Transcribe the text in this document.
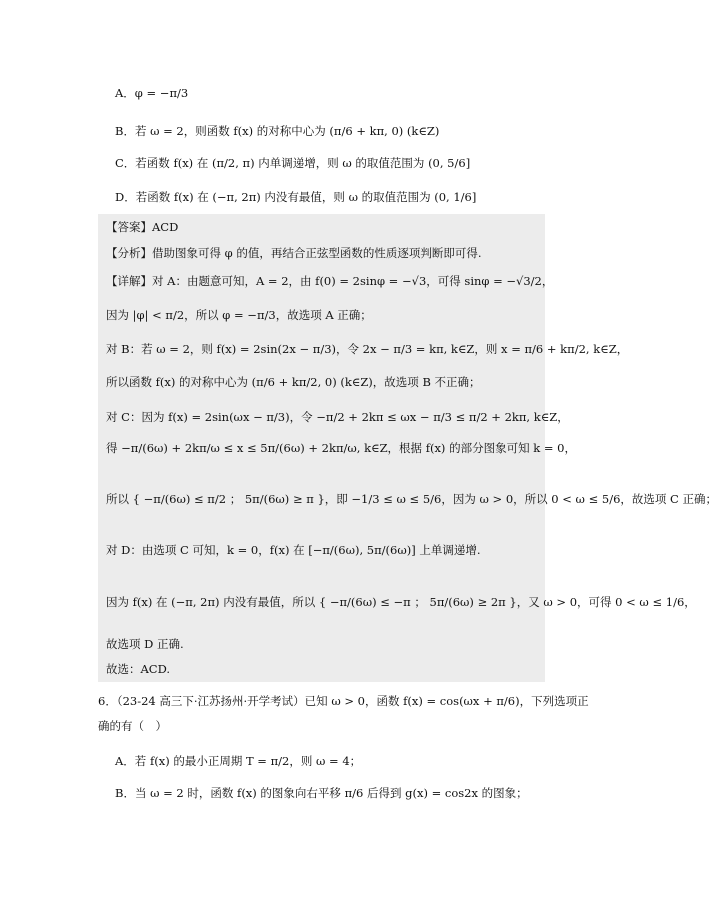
A．φ = −π/3
B．若 ω = 2，则函数 f(x) 的对称中心为 (π/6 + kπ, 0) (k∈Z)
C．若函数 f(x) 在 (π/2, π) 内单调递增，则 ω 的取值范围为 (0, 5/6]
D．若函数 f(x) 在 (−π, 2π) 内没有最值，则 ω 的取值范围为 (0, 1/6]
【答案】ACD
【分析】借助图象可得 φ 的值，再结合正弦型函数的性质逐项判断即可得.
【详解】对 A：由题意可知，A = 2，由 f(0) = 2sinφ = −√3，可得 sinφ = −√3/2，
因为 |φ| < π/2，所以 φ = −π/3，故选项 A 正确；
对 B：若 ω = 2，则 f(x) = 2sin(2x − π/3)，令 2x − π/3 = kπ, k∈Z，则 x = π/6 + kπ/2, k∈Z，
所以函数 f(x) 的对称中心为 (π/6 + kπ/2, 0) (k∈Z)，故选项 B 不正确；
对 C：因为 f(x) = 2sin(ωx − π/3)，令 −π/2 + 2kπ ≤ ωx − π/3 ≤ π/2 + 2kπ, k∈Z，
得 −π/(6ω) + 2kπ/ω ≤ x ≤ 5π/(6ω) + 2kπ/ω, k∈Z，根据 f(x) 的部分图象可知 k = 0，
所以 { −π/(6ω) ≤ π/2 ； 5π/(6ω) ≥ π }，即 −1/3 ≤ ω ≤ 5/6，因为 ω > 0，所以 0 < ω ≤ 5/6，故选项 C 正确；
对 D：由选项 C 可知，k = 0，f(x) 在 [−π/(6ω), 5π/(6ω)] 上单调递增.
因为 f(x) 在 (−π, 2π) 内没有最值，所以 { −π/(6ω) ≤ −π ； 5π/(6ω) ≥ 2π }，又 ω > 0，可得 0 < ω ≤ 1/6，
故选项 D 正确.
故选：ACD.
6．（23-24 高三下·江苏扬州·开学考试）已知 ω > 0，函数 f(x) = cos(ωx + π/6)，下列选项正
确的有（　）
A．若 f(x) 的最小正周期 T = π/2，则 ω = 4；
B．当 ω = 2 时，函数 f(x) 的图象向右平移 π/6 后得到 g(x) = cos2x 的图象；
